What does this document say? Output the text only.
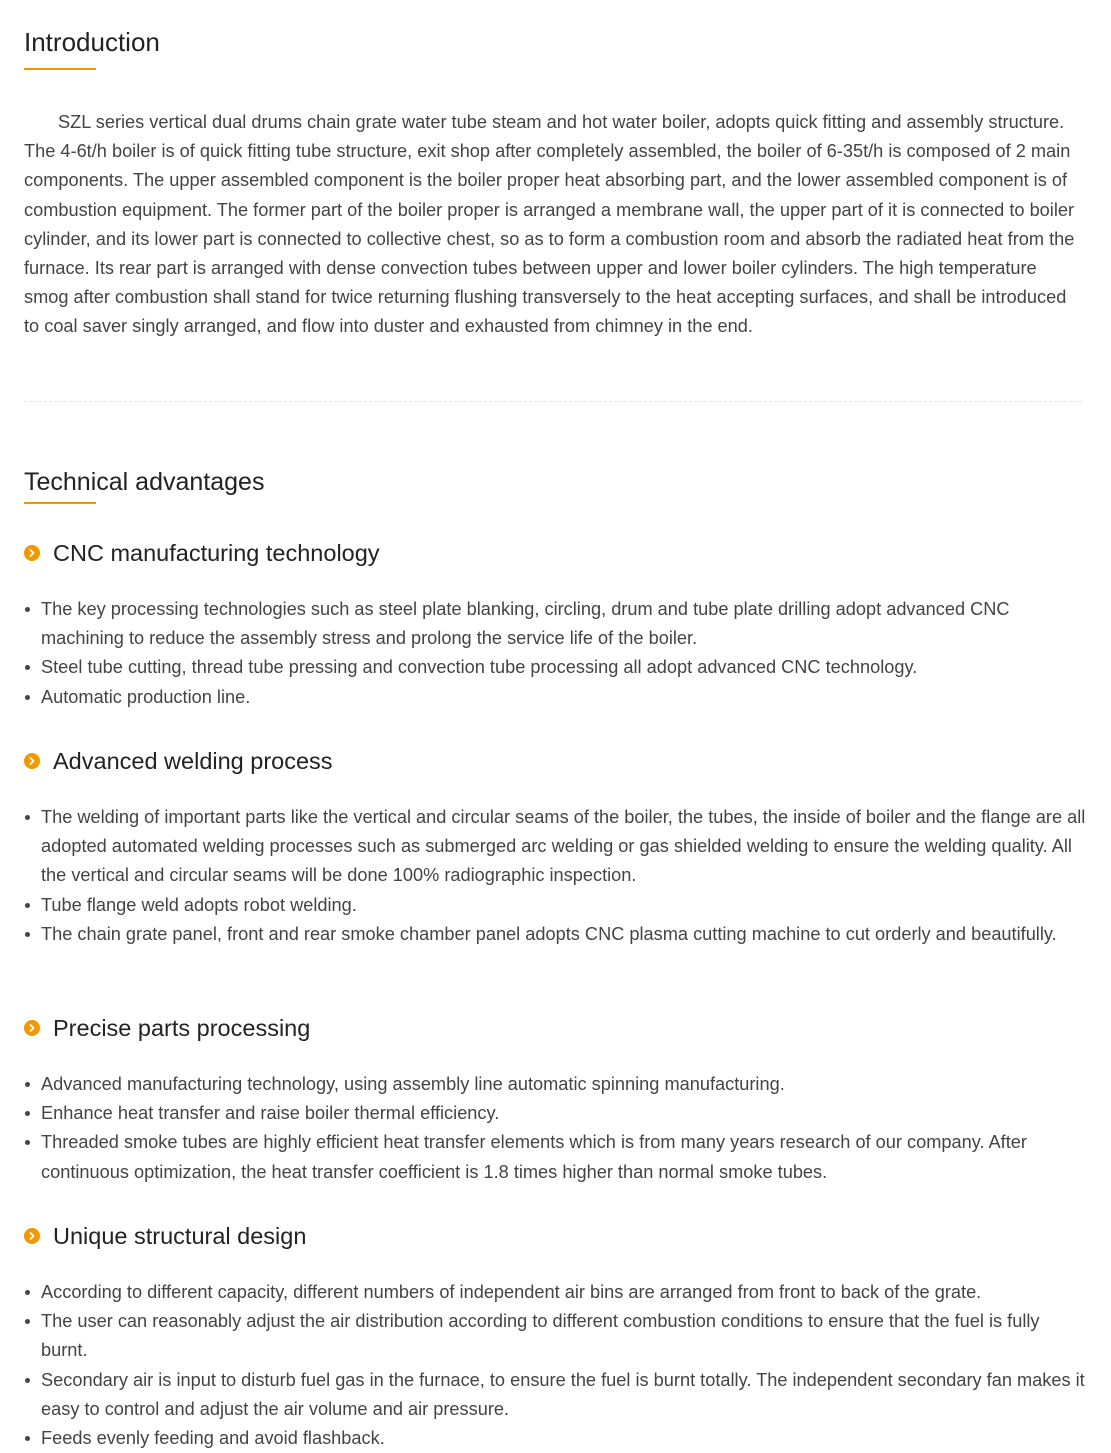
Introduction

SZL series vertical dual drums chain grate water tube steam and hot water boiler, adopts quick fitting and assembly structure. The 4-6t/h boiler is of quick fitting tube structure, exit shop after completely assembled, the boiler of 6-35t/h is composed of 2 main components. The upper assembled component is the boiler proper heat absorbing part, and the lower assembled component is of combustion equipment. The former part of the boiler proper is arranged a membrane wall, the upper part of it is connected to boiler cylinder, and its lower part is connected to collective chest, so as to form a combustion room and absorb the radiated heat from the furnace. Its rear part is arranged with dense convection tubes between upper and lower boiler cylinders. The high temperature smog after combustion shall stand for twice returning flushing transversely to the heat accepting surfaces, and shall be introduced to coal saver singly arranged, and flow into duster and exhausted from chimney in the end.

Technical advantages
CNC manufacturing technology
The key processing technologies such as steel plate blanking, circling, drum and tube plate drilling adopt advanced CNC machining to reduce the assembly stress and prolong the service life of the boiler.
Steel tube cutting, thread tube pressing and convection tube processing all adopt advanced CNC technology.
Automatic production line.
Advanced welding process
The welding of important parts like the vertical and circular seams of the boiler, the tubes, the inside of boiler and the flange are all adopted automated welding processes such as submerged arc welding or gas shielded welding to ensure the welding quality. All the vertical and circular seams will be done 100% radiographic inspection.
Tube flange weld adopts robot welding.
The chain grate panel, front and rear smoke chamber panel adopts CNC plasma cutting machine to cut orderly and beautifully.
Precise parts processing
Advanced manufacturing technology, using assembly line automatic spinning manufacturing.
Enhance heat transfer and raise boiler thermal efficiency.
Threaded smoke tubes are highly efficient heat transfer elements which is from many years research of our company. After continuous optimization, the heat transfer coefficient is 1.8 times higher than normal smoke tubes.
Unique structural design
According to different capacity, different numbers of independent air bins are arranged from front to back of the grate.
The user can reasonably adjust the air distribution according to different combustion conditions to ensure that the fuel is fully burnt.
Secondary air is input to disturb fuel gas in the furnace, to ensure the fuel is burnt totally. The independent secondary fan makes it easy to control and adjust the air volume and air pressure.
Feeds evenly feeding and avoid flashback.
